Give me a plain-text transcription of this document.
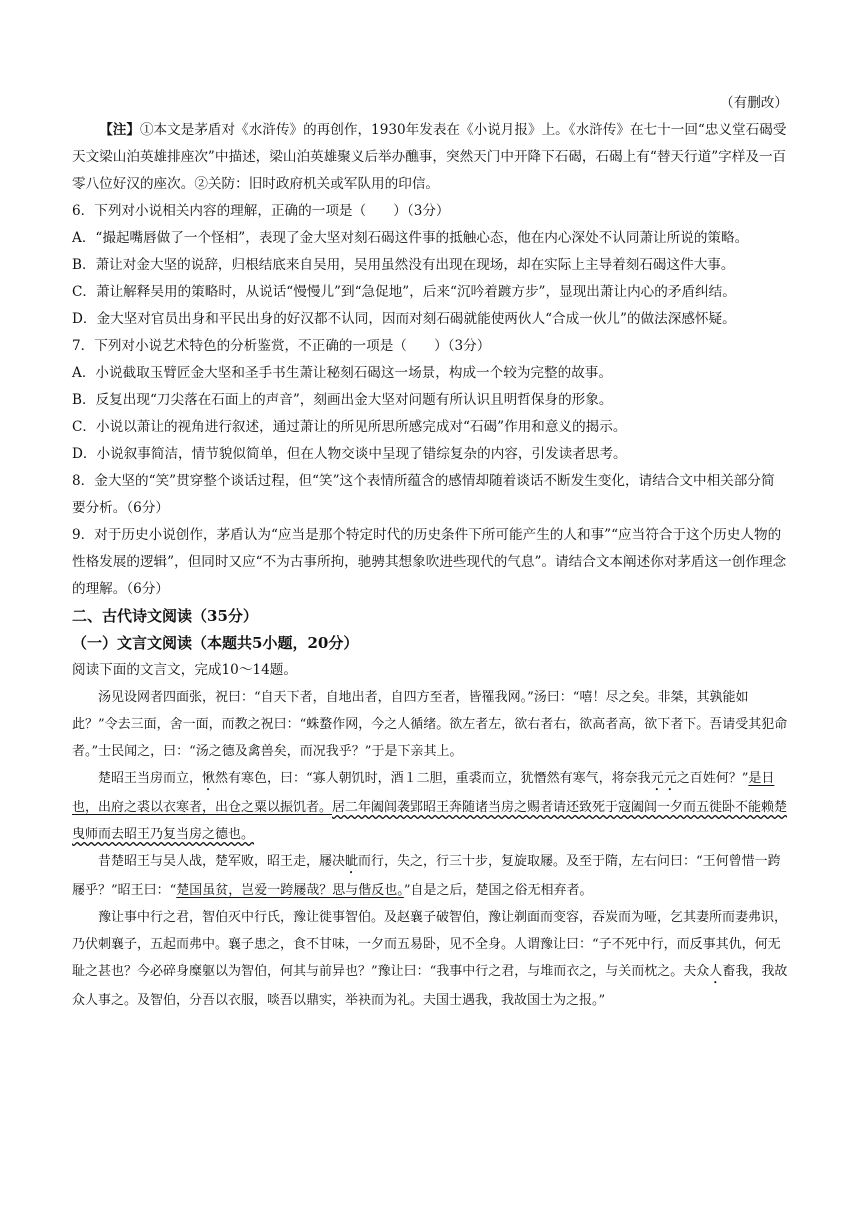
（有删改）

【注】①本文是茅盾对《水浒传》的再创作，1930年发表在《小说月报》上。《水浒传》在七十一回“忠义堂石碣受天文梁山泊英雄排座次”中描述，梁山泊英雄聚义后举办醮事，突然天门中开降下石碣，石碣上有“替天行道”字样及一百零八位好汉的座次。②关防：旧时政府机关或军队用的印信。

6．下列对小说相关内容的理解，正确的一项是（　　）（3分）

A．“撮起嘴唇做了一个怪相”，表现了金大坚对刻石碣这件事的抵触心态，他在内心深处不认同萧让所说的策略。

B．萧让对金大坚的说辞，归根结底来自吴用，吴用虽然没有出现在现场，却在实际上主导着刻石碣这件大事。

C．萧让解释吴用的策略时，从说话“慢慢儿”到“急促地”，后来“沉吟着踱方步”，显现出萧让内心的矛盾纠结。

D．金大坚对官员出身和平民出身的好汉都不认同，因而对刻石碣就能使两伙人“合成一伙儿”的做法深感怀疑。

7．下列对小说艺术特色的分析鉴赏，不正确的一项是（　　）（3分）

A．小说截取玉臂匠金大坚和圣手书生萧让秘刻石碣这一场景，构成一个较为完整的故事。

B．反复出现“刀尖落在石面上的声音”，刻画出金大坚对问题有所认识且明哲保身的形象。

C．小说以萧让的视角进行叙述，通过萧让的所见所思所感完成对“石碣”作用和意义的揭示。

D．小说叙事简洁，情节貌似简单，但在人物交谈中呈现了错综复杂的内容，引发读者思考。

8．金大坚的“笑”贯穿整个谈话过程，但“笑”这个表情所蕴含的感情却随着谈话不断发生变化，请结合文中相关部分简要分析。（6分）

9．对于历史小说创作，茅盾认为“应当是那个特定时代的历史条件下所可能产生的人和事”“应当符合于这个历史人物的性格发展的逻辑”，但同时又应“不为古事所拘，驰骋其想象吹进些现代的气息”。请结合文本阐述你对茅盾这一创作理念的理解。（6分）

二、古代诗文阅读（35分）

（一）文言文阅读（本题共5小题，20分）

阅读下面的文言文，完成10～14题。

汤见设网者四面张，祝曰：“自天下者，自地出者，自四方至者，皆罹我网。”汤曰：“嘻！尽之矣。非桀，其孰能如此？”令去三面，舍一面，而教之祝曰：“蛛蝥作网，今之人循绪。欲左者左，欲右者右，欲高者高，欲下者下。吾请受其犯命者。”士民闻之，曰：“汤之德及禽兽矣，而况我乎？”于是下亲其上。

楚昭王当房而立，愀然有寒色，曰：“寡人朝饥时，酒１二胆，重裘而立，犹憯然有寒气，将奈我元元之百姓何？”是日也，出府之裘以衣寒者，出仓之粟以振饥者。居二年阖闾袭郢昭王奔随诸当房之赐者请还致死于寇阖闾一夕而五徙卧不能赖楚曳师而去昭王乃复当房之德也。

昔楚昭王与吴人战，楚军败，昭王走，屦决眦而行，失之，行三十步，复旋取屦。及至于隋，左右问曰：“王何曾惜一跨屦乎？”昭王曰：“楚国虽贫，岂爱一跨屦哉？思与偕反也。”自是之后，楚国之俗无相弃者。

豫让事中行之君，智伯灭中行氏，豫让徙事智伯。及赵襄子破智伯，豫让剃面而变容，吞炭而为哑，乞其妻所而妻弗识，乃伏刺襄子，五起而弗中。襄子患之，食不甘味，一夕而五易卧，见不全身。人谓豫让曰：“子不死中行，而反事其仇，何无耻之甚也？今必碎身糜躯以为智伯，何其与前异也？”豫让曰：“我事中行之君，与堆而衣之，与关而枕之。夫众人畜我，我故众人事之。及智伯，分吾以衣服，啖吾以鼎实，举袂而为礼。夫国士遇我，我故国士为之报。”
